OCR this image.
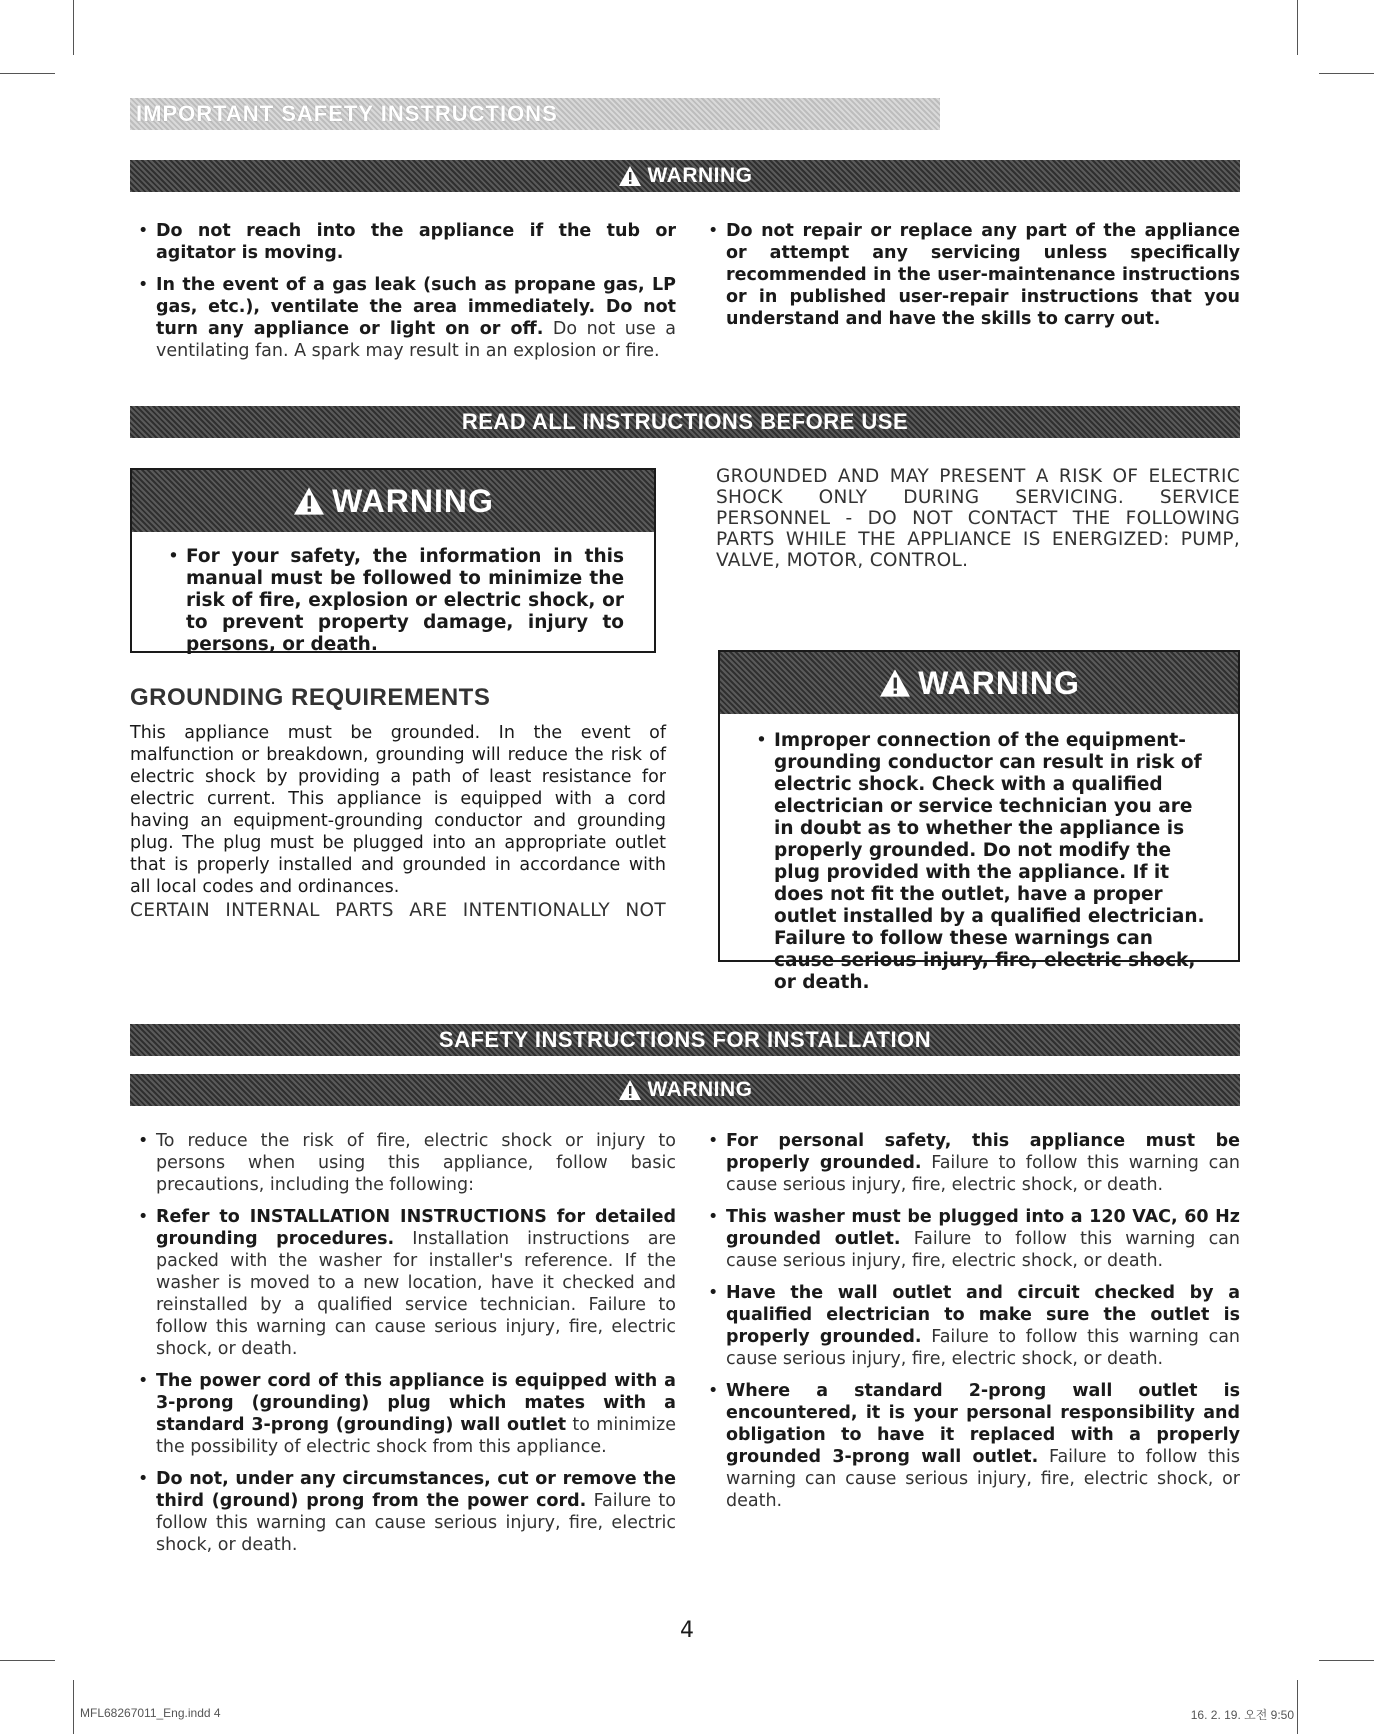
IMPORTANT SAFETY INSTRUCTIONS
WARNING
• Do not reach into the appliance if the tub or agitator is moving.
• In the event of a gas leak (such as propane gas, LP gas, etc.), ventilate the area immediately. Do not turn any appliance or light on or off. Do not use a ventilating fan. A spark may result in an explosion or fire.
• Do not repair or replace any part of the appliance or attempt any servicing unless specifically recommended in the user-maintenance instructions or in published user-repair instructions that you understand and have the skills to carry out.
READ ALL INSTRUCTIONS BEFORE USE
WARNING
• For your safety, the information in this manual must be followed to minimize the risk of fire, explosion or electric shock, or to prevent property damage, injury to persons, or death.
GROUNDING REQUIREMENTS
This appliance must be grounded. In the event of malfunction or breakdown, grounding will reduce the risk of electric shock by providing a path of least resistance for electric current. This appliance is equipped with a cord having an equipment-grounding conductor and grounding plug. The plug must be plugged into an appropriate outlet that is properly installed and grounded in accordance with all local codes and ordinances.
CERTAIN INTERNAL PARTS ARE INTENTIONALLY NOT
GROUNDED AND MAY PRESENT A RISK OF ELECTRIC SHOCK ONLY DURING SERVICING. SERVICE PERSONNEL - DO NOT CONTACT THE FOLLOWING PARTS WHILE THE APPLIANCE IS ENERGIZED: PUMP, VALVE, MOTOR, CONTROL.
WARNING
• Improper connection of the equipment-grounding conductor can result in risk of electric shock. Check with a qualified electrician or service technician you are in doubt as to whether the appliance is properly grounded. Do not modify the plug provided with the appliance. If it does not fit the outlet, have a proper outlet installed by a qualified electrician. Failure to follow these warnings can cause serious injury, fire, electric shock, or death.
SAFETY INSTRUCTIONS FOR INSTALLATION
WARNING
• To reduce the risk of fire, electric shock or injury to persons when using this appliance, follow basic precautions, including the following:
• Refer to INSTALLATION INSTRUCTIONS for detailed grounding procedures. Installation instructions are packed with the washer for installer's reference. If the washer is moved to a new location, have it checked and reinstalled by a qualified service technician. Failure to follow this warning can cause serious injury, fire, electric shock, or death.
• The power cord of this appliance is equipped with a 3-prong (grounding) plug which mates with a standard 3-prong (grounding) wall outlet to minimize the possibility of electric shock from this appliance.
• Do not, under any circumstances, cut or remove the third (ground) prong from the power cord. Failure to follow this warning can cause serious injury, fire, electric shock, or death.
• For personal safety, this appliance must be properly grounded. Failure to follow this warning can cause serious injury, fire, electric shock, or death.
• This washer must be plugged into a 120 VAC, 60 Hz grounded outlet. Failure to follow this warning can cause serious injury, fire, electric shock, or death.
• Have the wall outlet and circuit checked by a qualified electrician to make sure the outlet is properly grounded. Failure to follow this warning can cause serious injury, fire, electric shock, or death.
• Where a standard 2-prong wall outlet is encountered, it is your personal responsibility and obligation to have it replaced with a properly grounded 3-prong wall outlet. Failure to follow this warning can cause serious injury, fire, electric shock, or death.
4
MFL68267011_Eng.indd 4	16. 2. 19. 오전 9:50
